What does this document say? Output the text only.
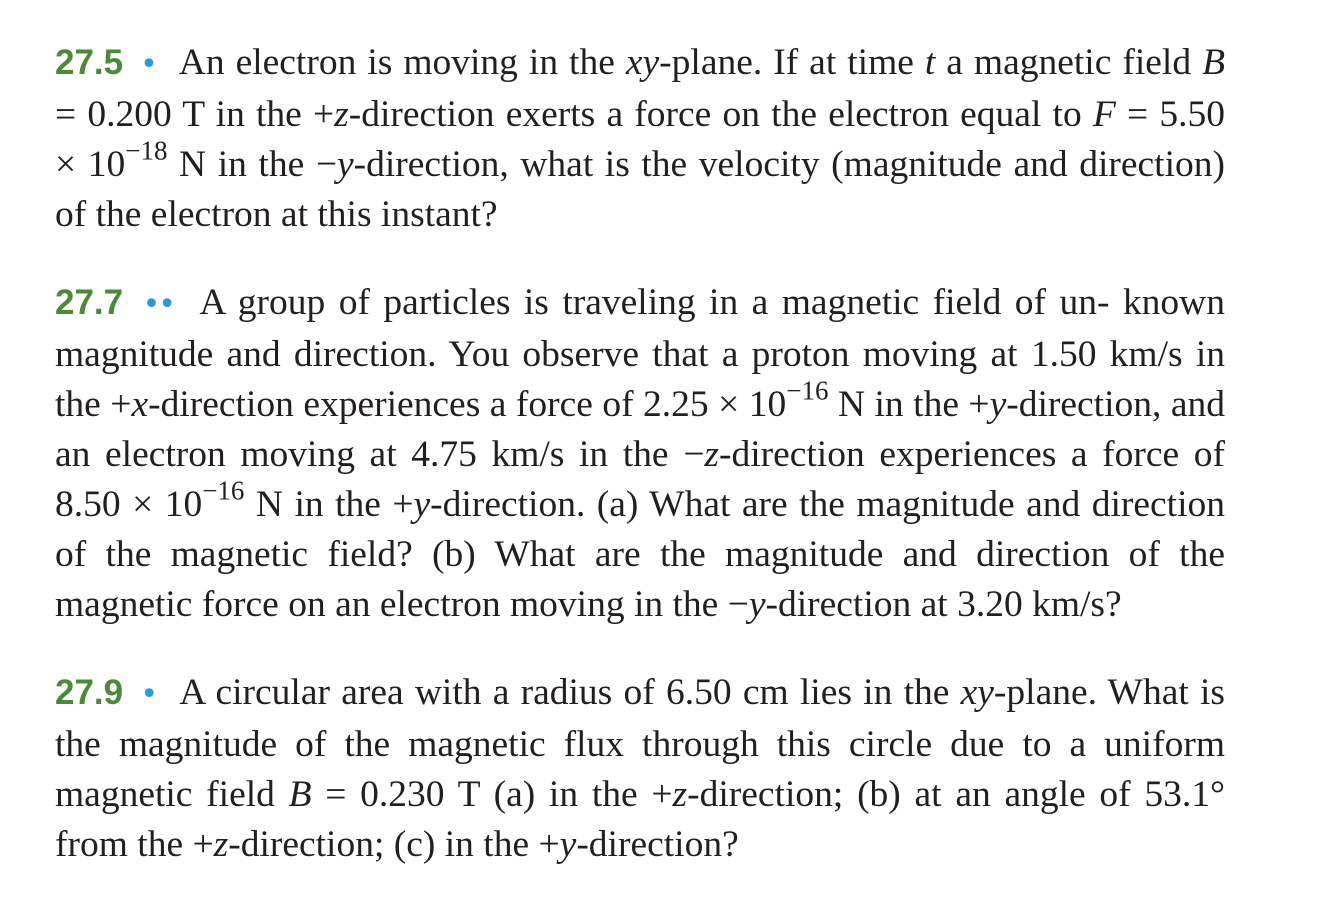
27.5 • An electron is moving in the xy-plane. If at time t a magnetic field B = 0.200 T in the +z-direction exerts a force on the electron equal to $F = 5.50 \times 10^{-18}$ N in the −y-direction, what is the velocity (magnitude and direction) of the electron at this instant?

27.7 •• A group of particles is traveling in a magnetic field of un- known magnitude and direction. You observe that a proton moving at 1.50 km/s in the +x-direction experiences a force of $2.25 \times 10^{-16}$ N in the +y-direction, and an electron moving at 4.75 km/s in the −z-direction experiences a force of $8.50 \times 10^{-16}$ N in the +y-direction. (a) What are the magnitude and direction of the magnetic field? (b) What are the magnitude and direction of the magnetic force on an electron moving in the −y-direction at 3.20 km/s?

27.9 • A circular area with a radius of 6.50 cm lies in the xy-plane. What is the magnitude of the magnetic flux through this circle due to a uniform magnetic field B = 0.230 T (a) in the +z-direction; (b) at an angle of 53.1° from the +z-direction; (c) in the +y-direction?
